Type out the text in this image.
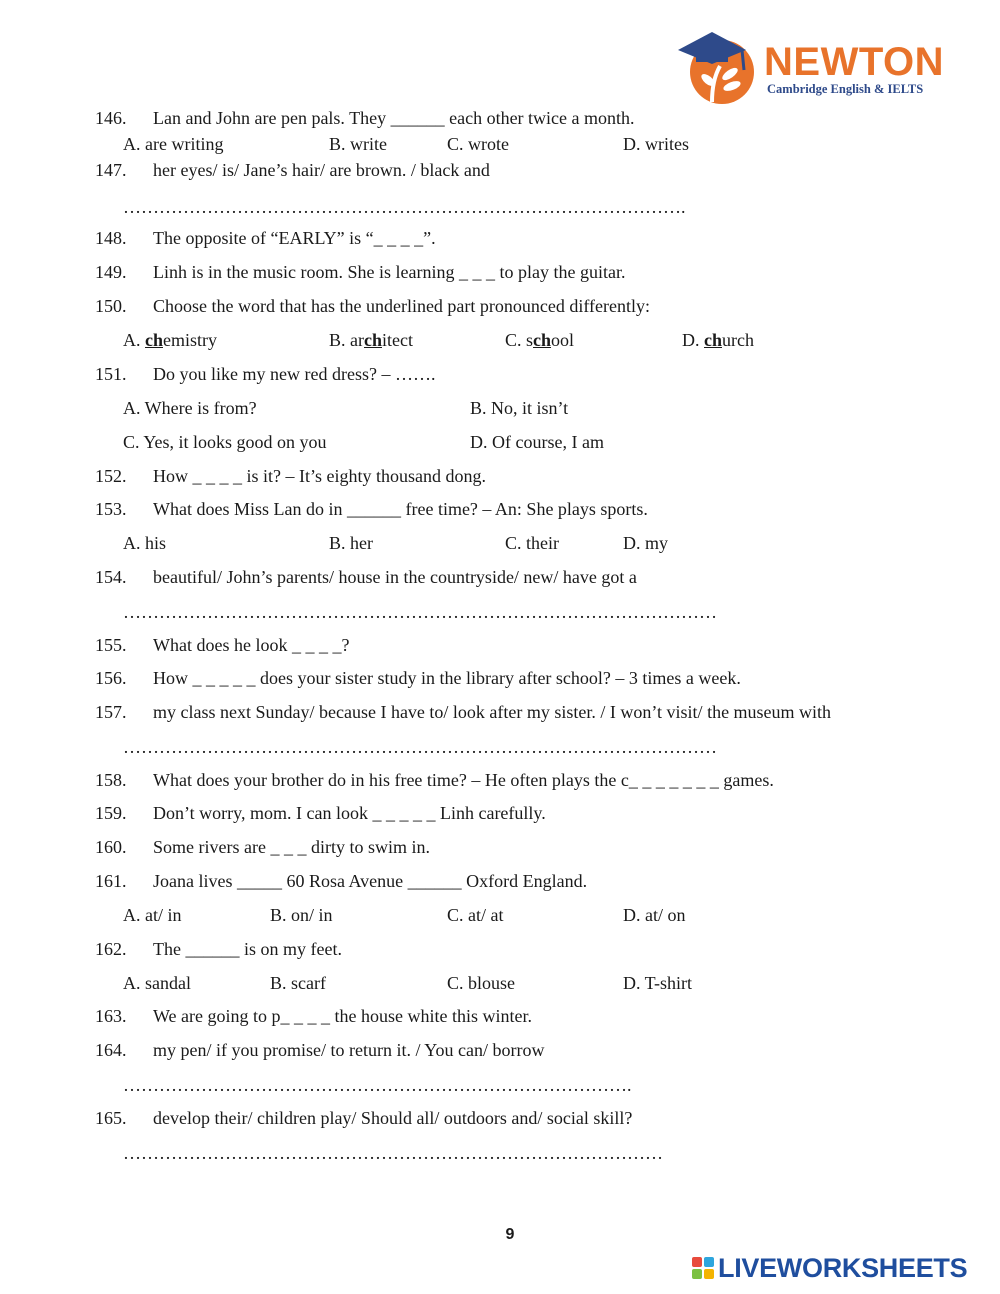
NEWTON
Cambridge English & IELTS
146. Lan and John are pen pals. They ______ each other twice a month.
A. are writing	B. write	C. wrote	D. writes
147. her eyes/ is/ Jane’s hair/ are brown. / black and
………………………………………………………………………………….
148. The opposite of “EARLY” is “_ _ _ _”.
149. Linh is in the music room. She is learning _ _ _ to play the guitar.
150. Choose the word that has the underlined part pronounced differently:
A. chemistry	B. architect	C. school	D. church
151. Do you like my new red dress? – …….
A. Where is from?	B. No, it isn’t
C. Yes, it looks good on you	D. Of course, I am
152. How _ _ _ _ is it? – It’s eighty thousand dong.
153. What does Miss Lan do in ______ free time? – An: She plays sports.
A. his	B. her	C. their	D. my
154. beautiful/ John’s parents/ house in the countryside/ new/ have got a
………………………………………………………………………………………
155. What does he look _ _ _ _?
156. How _ _ _ _ _ does your sister study in the library after school? – 3 times a week.
157. my class next Sunday/ because I have to/ look after my sister. / I won’t visit/ the museum with
………………………………………………………………………………………
158. What does your brother do in his free time? – He often plays the c_ _ _ _ _ _ _ games.
159. Don’t worry, mom. I can look _ _ _ _ _ Linh carefully.
160. Some rivers are _ _ _ dirty to swim in.
161. Joana lives _____ 60 Rosa Avenue ______ Oxford England.
A. at/ in	B. on/ in	C. at/ at	D. at/ on
162. The ______ is on my feet.
A. sandal	B. scarf	C. blouse	D. T-shirt
163. We are going to p_ _ _ _ the house white this winter.
164. my pen/ if you promise/ to return it. / You can/ borrow
………………………………………………………………………….
165. develop their/ children play/ Should all/ outdoors and/ social skill?
………………………………………………………………………………
9
LIVEWORKSHEETS
